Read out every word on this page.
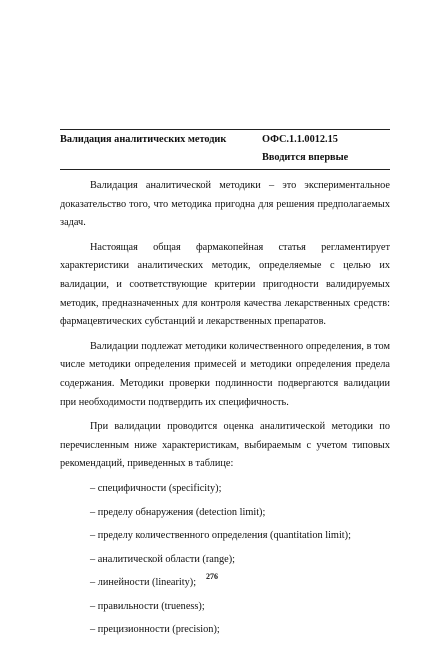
Валидация аналитических методик	ОФС.1.1.0012.15
Вводится впервые

Валидация аналитической методики – это экспериментальное доказательство того, что методика пригодна для решения предполагаемых задач.

Настоящая общая фармакопейная статья регламентирует характеристики аналитических методик, определяемые с целью их валидации, и соответствующие критерии пригодности валидируемых методик, предназначенных для контроля качества лекарственных средств: фармацевтических субстанций и лекарственных препаратов.

Валидации подлежат методики количественного определения, в том числе методики определения примесей и методики определения предела содержания. Методики проверки подлинности подвергаются валидации при необходимости подтвердить их специфичность.

При валидации проводится оценка аналитической методики по перечисленным ниже характеристикам, выбираемым с учетом типовых рекомендаций, приведенных в таблице:

– специфичности (specificity);
– пределу обнаружения (detection limit);
– пределу количественного определения (quantitation limit);
– аналитической области (range);
– линейности (linearity);
– правильности (trueness);
– прецизионности (precision);
276
